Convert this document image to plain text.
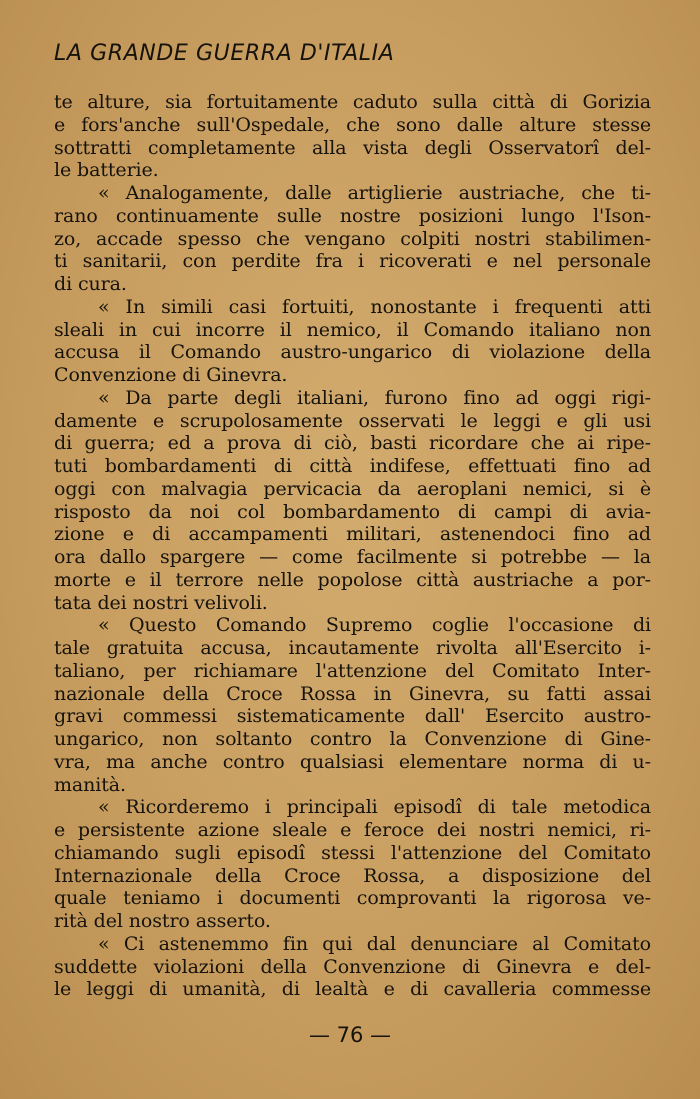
LA GRANDE GUERRA D'ITALIA
te alture, sia fortuitamente caduto sulla città di Gorizia
e fors'anche sull'Ospedale, che sono dalle alture stesse
sottratti completamente alla vista degli Osservatorî del-
le batterie.
« Analogamente, dalle artiglierie austriache, che ti-
rano continuamente sulle nostre posizioni lungo l'Ison-
zo, accade spesso che vengano colpiti nostri stabilimen-
ti sanitarii, con perdite fra i ricoverati e nel personale
di cura.
« In simili casi fortuiti, nonostante i frequenti atti
sleali in cui incorre il nemico, il Comando italiano non
accusa il Comando austro-ungarico di violazione della
Convenzione di Ginevra.
« Da parte degli italiani, furono fino ad oggi rigi-
damente e scrupolosamente osservati le leggi e gli usi
di guerra; ed a prova di ciò, basti ricordare che ai ripe-
tuti bombardamenti di città indifese, effettuati fino ad
oggi con malvagia pervicacia da aeroplani nemici, si è
risposto da noi col bombardamento di campi di avia-
zione e di accampamenti militari, astenendoci fino ad
ora dallo spargere — come facilmente si potrebbe — la
morte e il terrore nelle popolose città austriache a por-
tata dei nostri velivoli.
« Questo Comando Supremo coglie l'occasione di
tale gratuita accusa, incautamente rivolta all'Esercito i-
taliano, per richiamare l'attenzione del Comitato Inter-
nazionale della Croce Rossa in Ginevra, su fatti assai
gravi commessi sistematicamente dall' Esercito austro-
ungarico, non soltanto contro la Convenzione di Gine-
vra, ma anche contro qualsiasi elementare norma di u-
manità.
« Ricorderemo i principali episodî di tale metodica
e persistente azione sleale e feroce dei nostri nemici, ri-
chiamando sugli episodî stessi l'attenzione del Comitato
Internazionale della Croce Rossa, a disposizione del
quale teniamo i documenti comprovanti la rigorosa ve-
rità del nostro asserto.
« Ci astenemmo fin qui dal denunciare al Comitato
suddette violazioni della Convenzione di Ginevra e del-
le leggi di umanità, di lealtà e di cavalleria commesse
— 76 —
